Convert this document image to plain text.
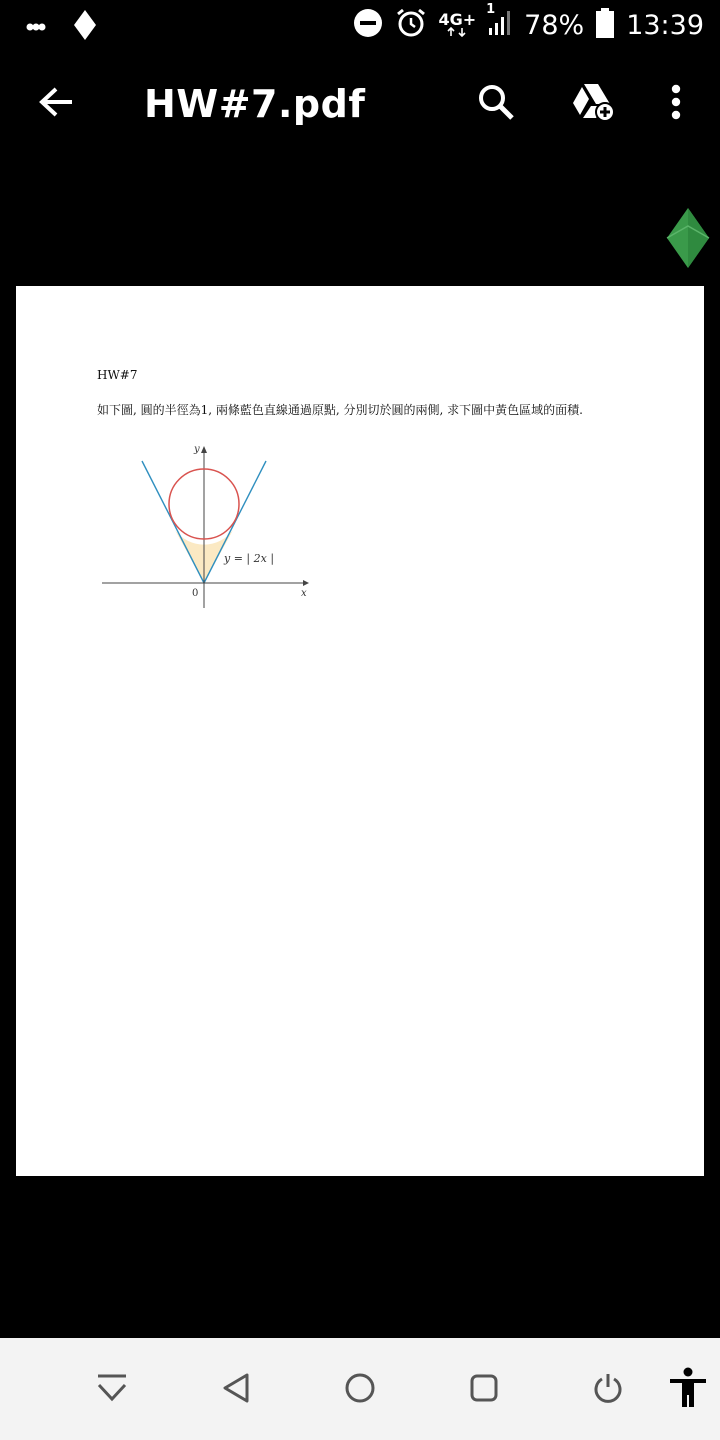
4G+
1 78% 13:39
HW#7.pdf
HW#7
如下圖, 圓的半徑為1, 兩條藍色直線通過原點, 分別切於圓的兩側, 求下圖中黃色區域的面積.
y
x
0
y = | 2x |
